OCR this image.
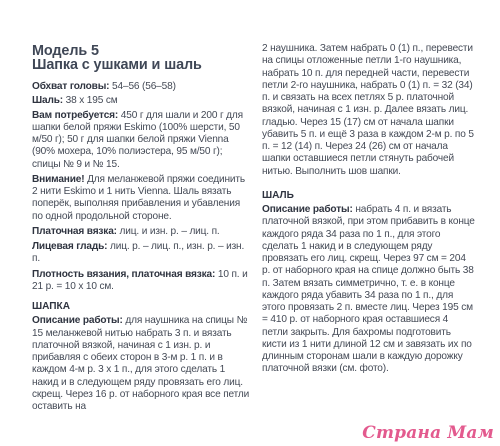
Модель 5

Шапка с ушками и шаль

Обхват головы: 54–56 (56–58)

Шаль: 38 х 195 см

Вам потребуется: 450 г для шали и 200 г для шапки белой пряжи Eskimo (100% шерсти, 50 м/50 г); 50 г для шапки белой пряжи Vienna (90% мохера, 10% полиэстера, 95 м/50 г); спицы № 9 и № 15.

Внимание! Для меланжевой пряжи соединить 2 нити Eskimo и 1 нить Vienna. Шаль вязать поперёк, выполняя прибавления и убавления по одной продольной стороне.

Платочная вязка: лиц. и изн. р. – лиц. п.

Лицевая гладь: лиц. р. – лиц. п., изн. р. – изн. п.

Плотность вязания, платочная вязка: 10 п. и 21 р. = 10 х 10 см.

ШАПКА

Описание работы: для наушника на спицы № 15 меланжевой нитью набрать 3 п. и вязать платочной вязкой, начиная с 1 изн. р. и прибавляя с обеих сторон в 3-м р. 1 п. и в каждом 4-м р. 3 х 1 п., для этого сделать 1 накид и в следующем ряду провязать его лиц. скрещ. Через 16 р. от наборного края все петли оставить на

2 наушника. Затем набрать 0 (1) п., перевести на спицы отложенные петли 1-го наушника, набрать 10 п. для передней части, перевести петли 2-го наушника, набрать 0 (1) п. = 32 (34) п. и связать на всех петлях 5 р. платочной вязкой, начиная с 1 изн. р. Далее вязать лиц. гладью. Через 15 (17) см от начала шапки убавить 5 п. и ещё 3 раза в каждом 2-м р. по 5 п. = 12 (14) п. Через 24 (26) см от начала шапки оставшиеся петли стянуть рабочей нитью. Выполнить шов шапки.

ШАЛЬ

Описание работы: набрать 4 п. и вязать платочной вязкой, при этом прибавить в конце каждого ряда 34 раза по 1 п., для этого сделать 1 накид и в следующем ряду провязать его лиц. скрещ. Через 97 см = 204 р. от наборного края на спице должно быть 38 п. Затем вязать симметрично, т. е. в конце каждого ряда убавить 34 раза по 1 п., для этого провязать 2 п. вместе лиц. Через 195 см = 410 р. от наборного края оставшиеся 4 петли закрыть. Для бахромы подготовить кисти из 1 нити длиной 12 см и завязать их по длинным сторонам шали в каждую дорожку платочной вязки (см. фото).

Страна Мам
